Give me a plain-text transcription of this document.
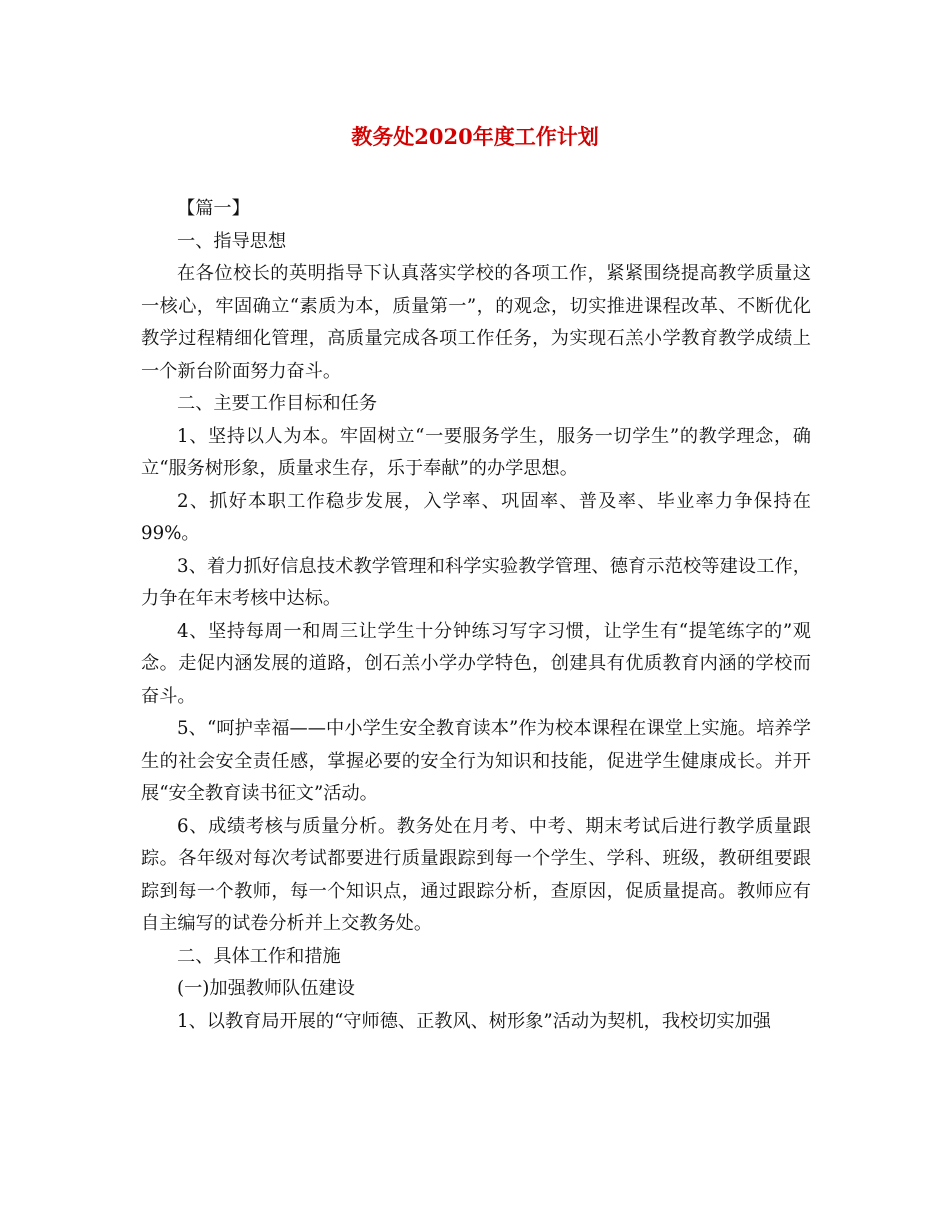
教务处2020年度工作计划

【篇一】

一、指导思想

在各位校长的英明指导下认真落实学校的各项工作，紧紧围绕提高教学质量这一核心，牢固确立“素质为本，质量第一”，的观念，切实推进课程改革、不断优化教学过程精细化管理，高质量完成各项工作任务，为实现石羔小学教育教学成绩上一个新台阶面努力奋斗。

二、主要工作目标和任务

1、坚持以人为本。牢固树立“一要服务学生，服务一切学生”的教学理念，确立“服务树形象，质量求生存，乐于奉献”的办学思想。

2、抓好本职工作稳步发展，入学率、巩固率、普及率、毕业率力争保持在99%。

3、着力抓好信息技术教学管理和科学实验教学管理、德育示范校等建设工作，力争在年末考核中达标。

4、坚持每周一和周三让学生十分钟练习写字习惯，让学生有“提笔练字的”观念。走促内涵发展的道路，创石羔小学办学特色，创建具有优质教育内涵的学校而奋斗。

5、“呵护幸福——中小学生安全教育读本”作为校本课程在课堂上实施。培养学生的社会安全责任感，掌握必要的安全行为知识和技能，促进学生健康成长。并开展“安全教育读书征文”活动。

6、成绩考核与质量分析。教务处在月考、中考、期末考试后进行教学质量跟踪。各年级对每次考试都要进行质量跟踪到每一个学生、学科、班级，教研组要跟踪到每一个教师，每一个知识点，通过跟踪分析，查原因，促质量提高。教师应有自主编写的试卷分析并上交教务处。

二、具体工作和措施

(一)加强教师队伍建设

1、以教育局开展的“守师德、正教风、树形象”活动为契机，我校切实加强
